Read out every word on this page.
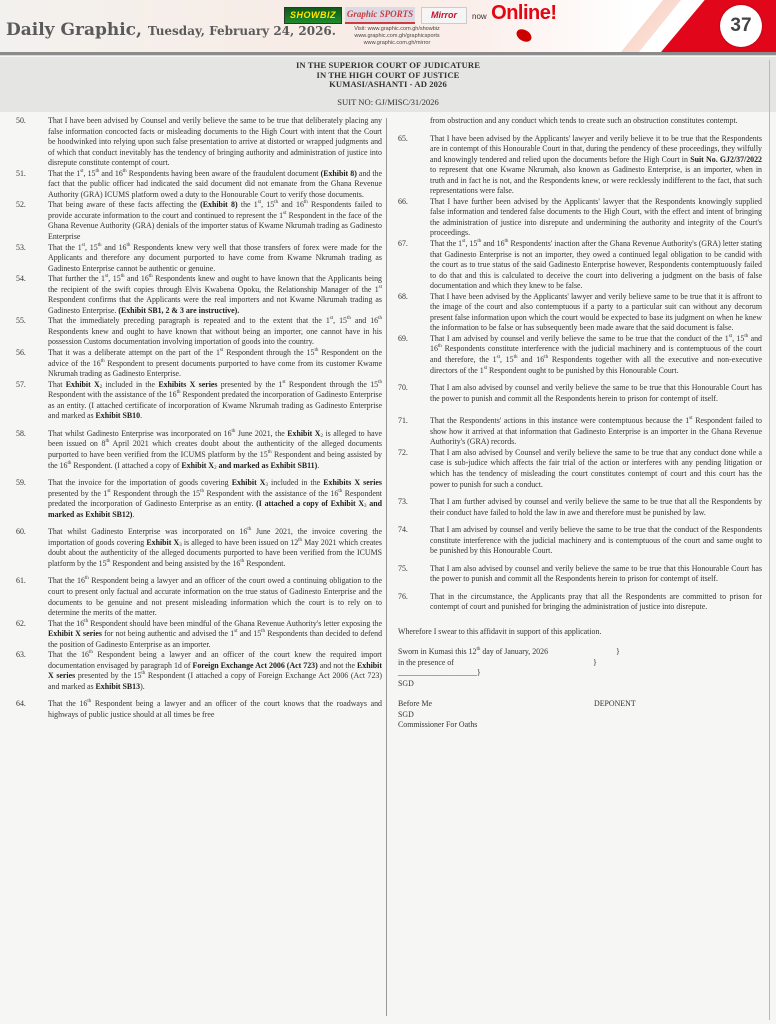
Daily Graphic, Tuesday, February 24, 2026.
SHOWBIZ	Graphic SPORTS	Mirror	now Online!
Visit: www.graphic.com.gh/showbiz
www.graphic.com.gh/graphicsports
www.graphic.com.gh/mirror
37
IN THE SUPERIOR COURT OF JUDICATURE
IN THE HIGH COURT OF JUSTICE
KUMASI/ASHANTI - AD 2026
SUIT NO: GJ/MISC/31/2026
50.	That I have been advised by Counsel and verily believe the same to be true that deliberately placing any false information concocted facts or misleading documents to the High Court with intent that the Court be hoodwinked into relying upon such false presentation to arrive at distorted or wrapped judgments and of which that conduct inevitably has the tendency of bringing authority and administration of justice into disrepute constitute contempt of court.
51.	That the 1st, 15th and 16th Respondents having been aware of the fraudulent document (Exhibit 8) and the fact that the public officer had indicated the said document did not emanate from the Ghana Revenue Authority (GRA) ICUMS platform owed a duty to the Honourable Court to verify those documents.
52.	That being aware of these facts affecting the (Exhibit 8) the 1st, 15th and 16th Respondents failed to provide accurate information to the court and continued to represent the 1st Respondent in the face of the Ghana Revenue Authority (GRA) denials of the importer status of Kwame Nkrumah trading as Gadinesto Enterprise
53.	That the 1st, 15th and 16th Respondents knew very well that those transfers of forex were made for the Applicants and therefore any document purported to have come from Kwame Nkrumah trading as Gadinesto Enterprise cannot be authentic or genuine.
54.	That further the 1st, 15th and 16th Respondents knew and ought to have known that the Applicants being the recipient of the swift copies through Elvis Kwabena Opoku, the Relationship Manager of the 1st Respondent confirms that the Applicants were the real importers and not Kwame Nkrumah trading as Gadinesto Enterprise. (Exhibit SB1, 2 & 3 are instructive).
55.	That the immediately preceding paragraph is repeated and to the extent that the 1st, 15th and 16th Respondents knew and ought to have known that without being an importer, one cannot have in his possession Customs documentation involving importation of goods into the country.
56.	That it was a deliberate attempt on the part of the 1st Respondent through the 15th Respondent on the advice of the 16th Respondent to present documents purported to have come from its customer Kwame Nkrumah trading as Gadinesto Enterprise.
57.	That Exhibit $X_2$ included in the Exhibits X series presented by the 1st Respondent through the 15th Respondent with the assistance of the 16th Respondent predated the incorporation of Gadinesto Enterprise as an entity. (I attached certificate of incorporation of Kwame Nkrumah trading as Gadinesto Enterprise and marked as Exhibit SB10.
58.	That whilst Gadinesto Enterprise was incorporated on 16th June 2021, the Exhibit $X_2$ is alleged to have been issued on 8th April 2021 which creates doubt about the authenticity of the alleged documents purported to have been verified from the ICUMS platform by the 15th Respondent and being assisted by the 16th Respondent. (I attached a copy of Exhibit $X_2$ and marked as Exhibit SB11).
59.	That the invoice for the importation of goods covering Exhibit $X_3$ included in the Exhibits X series presented by the 1st Respondent through the 15th Respondent with the assistance of the 16th Respondent predated the incorporation of Gadinesto Enterprise as an entity. (I attached a copy of Exhibit $X_3$ and marked as Exhibit SB12).
60.	That whilst Gadinesto Enterprise was incorporated on 16th June 2021, the invoice covering the importation of goods covering Exhibit $X_3$ is alleged to have been issued on 12th May 2021 which creates doubt about the authenticity of the alleged documents purported to have been verified from the ICUMS platform by the 15th Respondent and being assisted by the 16th Respondent.
61.	That the 16th Respondent being a lawyer and an officer of the court owed a continuing obligation to the court to present only factual and accurate information on the true status of Gadinesto Enterprise and the documents to be genuine and not present misleading information which the court is to rely on to determine the merits of the matter.
62.	That the 16th Respondent should have been mindful of the Ghana Revenue Authority's letter exposing the Exhibit X series for not being authentic and advised the 1st and 15th Respondents than decided to defend the position of Gadinesto Enterprise as an importer.
63.	That the 16th Respondent being a lawyer and an officer of the court knew the required import documentation envisaged by paragraph 1d of Foreign Exchange Act 2006 (Act 723) and not the Exhibit X series presented by the 15th Respondent (I attached a copy of Foreign Exchange Act 2006 (Act 723) and marked as Exhibit SB13).
64.	That the 16th Respondent being a lawyer and an officer of the court knows that the roadways and highways of public justice should at all times be free
from obstruction and any conduct which tends to create such an obstruction constitutes contempt.
65.	That I have been advised by the Applicants' lawyer and verily believe it to be true that the Respondents are in contempt of this Honourable Court in that, during the pendency of these proceedings, they wilfully and knowingly tendered and relied upon the documents before the High Court in Suit No. GJ2/37/2022 to represent that one Kwame Nkrumah, also known as Gadinesto Enterprise, is an importer, when in truth and in fact he is not, and the Respondents knew, or were recklessly indifferent to the fact, that such representations were false.
66.	That I have further been advised by the Applicants' lawyer that the Respondents knowingly supplied false information and tendered false documents to the High Court, with the effect and intent of bringing the administration of justice into disrepute and undermining the authority and integrity of the Court's proceedings.
67.	That the 1st, 15th and 16th Respondents' inaction after the Ghana Revenue Authority's (GRA) letter stating that Gadinesto Enterprise is not an importer, they owed a continued legal obligation to be candid with the court as to true status of the said Gadinesto Enterprise however, Respondents contemptuously failed to do that and this is calculated to deceive the court into delivering a judgment on the basis of false documentation and which they knew to be false.
68.	That I have been advised by the Applicants' lawyer and verily believe same to be true that it is affront to the image of the court and also contemptuous if a party to a particular suit can without any decorum present false information upon which the court would be expected to base its judgment on when he knew the information to be false or has subsequently been made aware that the said document is false.
69.	That I am advised by counsel and verily believe the same to be true that the conduct of the 1st, 15th and 16th Respondents constitute interference with the judicial machinery and is contemptuous of the court and therefore, the 1st, 15th and 16th Respondents together with all the executive and non-executive directors of the 1st Respondent ought to be punished by this Honourable Court.
70.	That I am also advised by counsel and verily believe the same to be true that this Honourable Court has the power to punish and commit all the Respondents herein to prison for contempt of itself.
71.	That the Respondents' actions in this instance were contemptuous because the 1st Respondent failed to show how it arrived at that information that Gadinesto Enterprise is an importer in the Ghana Revenue Authority's (GRA) records.
72.	That I am also advised by Counsel and verily believe the same to be true that any conduct done while a case is sub-judice which affects the fair trial of the action or interferes with any pending litigation or which has the tendency of misleading the court constitutes contempt of court and this court has the power to punish for such a conduct.
73.	That I am further advised by counsel and verily believe the same to be true that all the Respondents by their conduct have failed to hold the law in awe and therefore must be punished by law.
74.	That I am advised by counsel and verily believe the same to be true that the conduct of the Respondents constitute interference with the judicial machinery and is contemptuous of the court and same ought to be punished by this Honourable Court.
75.	That I am also advised by counsel and verily believe the same to be true that this Honourable Court has the power to punish and commit all the Respondents herein to prison for contempt of itself.
76.	That in the circumstance, the Applicants pray that all the Respondents are committed to prison for contempt of court and punished for bringing the administration of justice into disrepute.
Wherefore I swear to this affidavit in support of this application.
Sworn in Kumasi this 12th day of January, 2026	}
in the presence of	}
____________________}
SGD
Before Me	DEPONENT
SGD
Commissioner For Oaths
